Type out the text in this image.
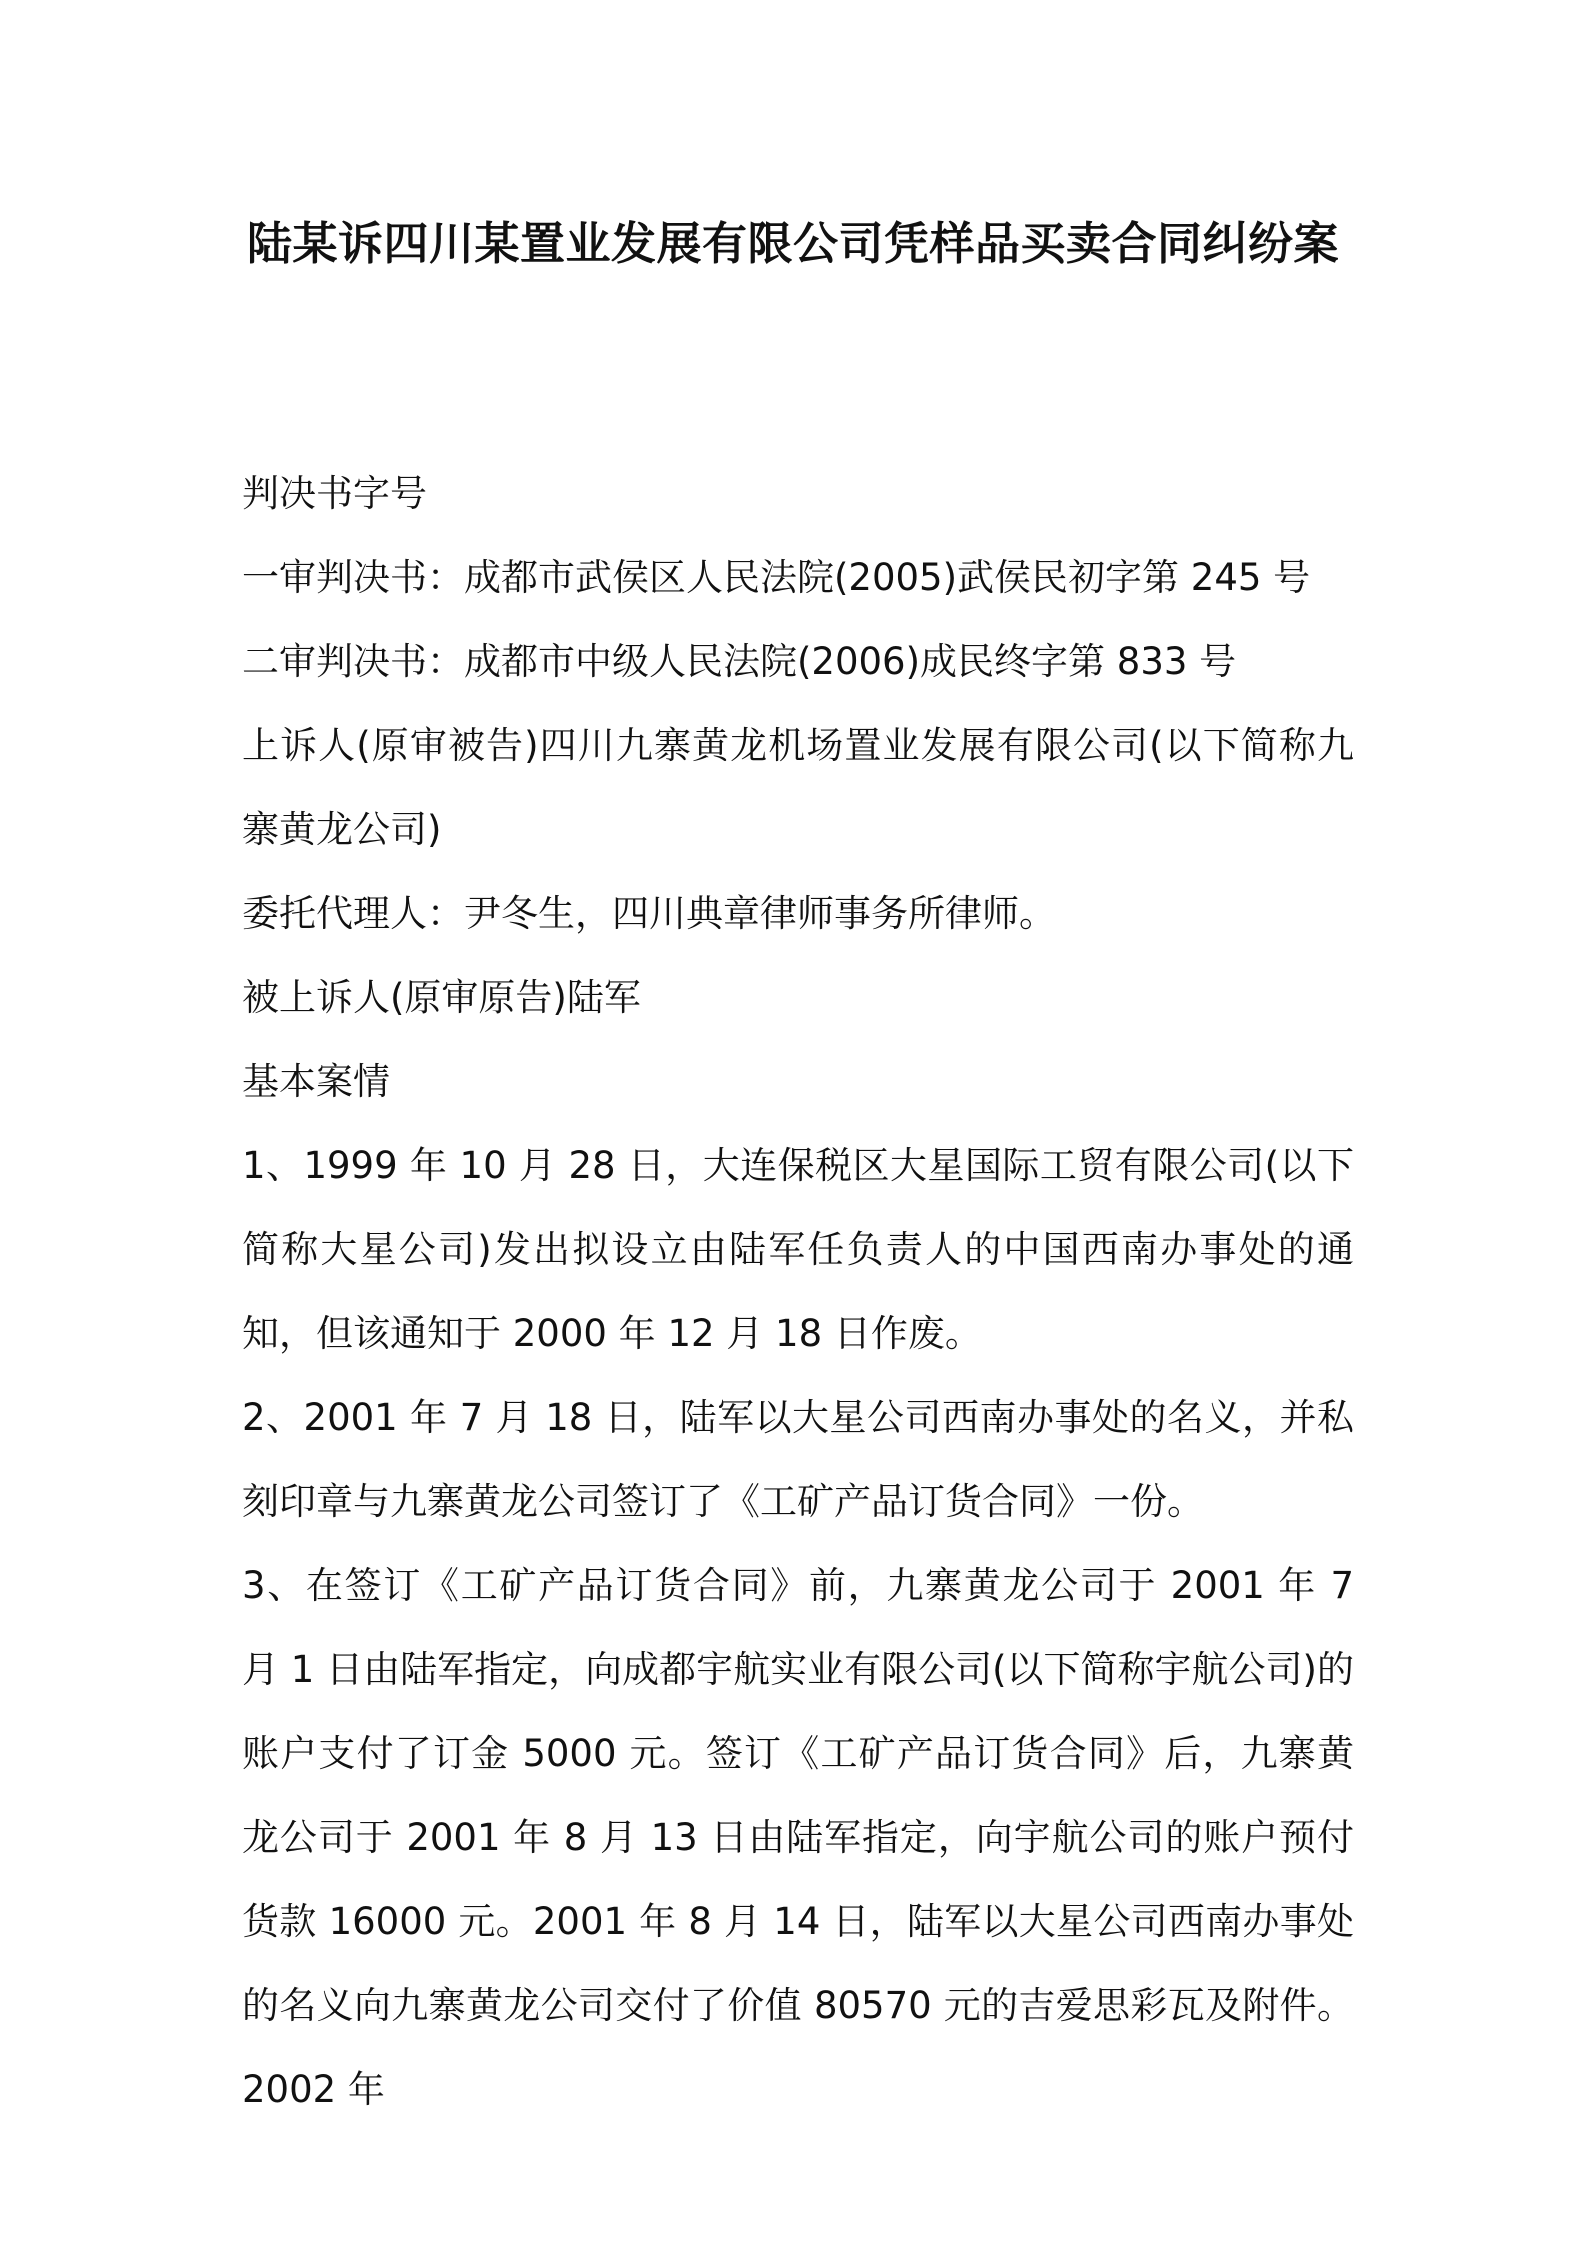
陆某诉四川某置业发展有限公司凭样品买卖合同纠纷案

判决书字号

一审判决书：成都市武侯区人民法院(2005)武侯民初字第 245 号

二审判决书：成都市中级人民法院(2006)成民终字第 833 号

上诉人(原审被告)四川九寨黄龙机场置业发展有限公司(以下简称九寨黄龙公司)

委托代理人：尹冬生，四川典章律师事务所律师。

被上诉人(原审原告)陆军

基本案情

1、1999 年 10 月 28 日，大连保税区大星国际工贸有限公司(以下简称大星公司)发出拟设立由陆军任负责人的中国西南办事处的通知，但该通知于 2000 年 12 月 18 日作废。

2、2001 年 7 月 18 日，陆军以大星公司西南办事处的名义，并私刻印章与九寨黄龙公司签订了《工矿产品订货合同》一份。

3、在签订《工矿产品订货合同》前，九寨黄龙公司于 2001 年 7 月 1 日由陆军指定，向成都宇航实业有限公司(以下简称宇航公司)的账户支付了订金 5000 元。签订《工矿产品订货合同》后，九寨黄龙公司于 2001 年 8 月 13 日由陆军指定，向宇航公司的账户预付货款 16000 元。2001 年 8 月 14 日，陆军以大星公司西南办事处的名义向九寨黄龙公司交付了价值 80570 元的吉爱思彩瓦及附件。2002 年
